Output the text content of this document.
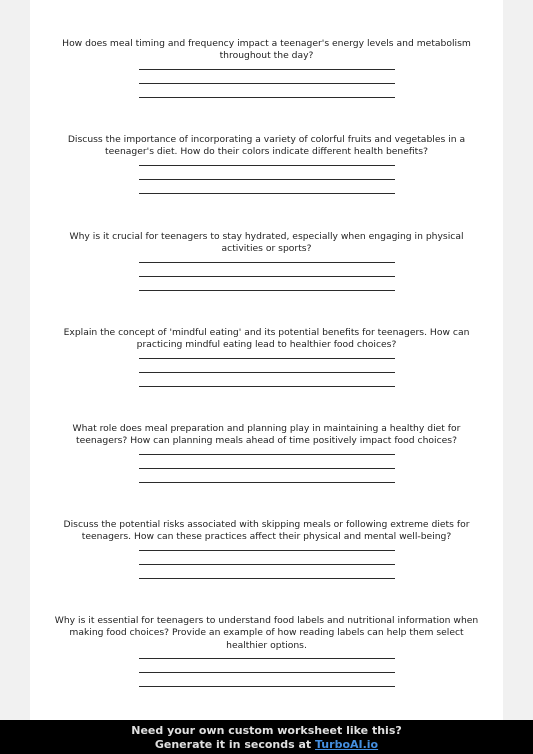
How does meal timing and frequency impact a teenager's energy levels and metabolism throughout the day?

Discuss the importance of incorporating a variety of colorful fruits and vegetables in a teenager's diet. How do their colors indicate different health benefits?

Why is it crucial for teenagers to stay hydrated, especially when engaging in physical activities or sports?

Explain the concept of 'mindful eating' and its potential benefits for teenagers. How can practicing mindful eating lead to healthier food choices?

What role does meal preparation and planning play in maintaining a healthy diet for teenagers? How can planning meals ahead of time positively impact food choices?

Discuss the potential risks associated with skipping meals or following extreme diets for teenagers. How can these practices affect their physical and mental well-being?

Why is it essential for teenagers to understand food labels and nutritional information when making food choices? Provide an example of how reading labels can help them select healthier options.

Need your own custom worksheet like this?
Generate it in seconds at TurboAI.io
